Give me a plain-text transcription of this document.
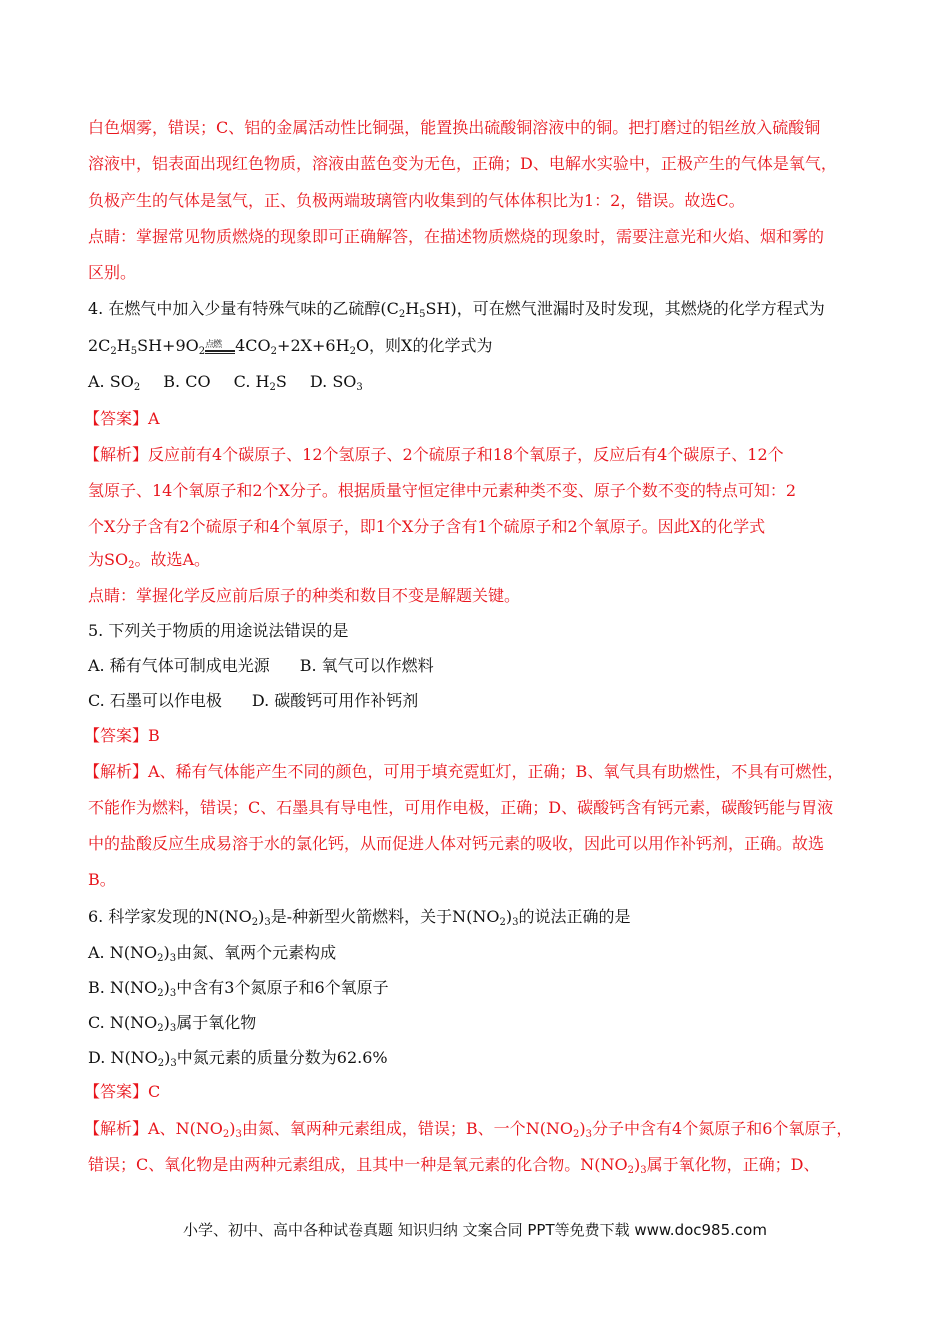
白色烟雾，错误；C、铝的金属活动性比铜强，能置换出硫酸铜溶液中的铜。把打磨过的铝丝放入硫酸铜
溶液中，铝表面出现红色物质，溶液由蓝色变为无色，正确；D、电解水实验中，正极产生的气体是氧气，
负极产生的气体是氢气，正、负极两端玻璃管内收集到的气体体积比为1：2，错误。故选C。
点睛：掌握常见物质燃烧的现象即可正确解答，在描述物质燃烧的现象时，需要注意光和火焰、烟和雾的
区别。
4. 在燃气中加入少量有特殊气味的乙硫醇$(C_2H_5SH)$，可在燃气泄漏时及时发现，其燃烧的化学方程式为
$2C_2H_5SH+9O_2$
点燃 $4CO_2+2X+6H_2O$，则X的化学式为
A. $SO_2$ B. CO C. $H_2S$ D. $SO_3$
【答案】A
【解析】反应前有4个碳原子、12个氢原子、2个硫原子和18个氧原子，反应后有4个碳原子、12个
氢原子、14个氧原子和2个X分子。根据质量守恒定律中元素种类不变、原子个数不变的特点可知：2
个X分子含有2个硫原子和4个氧原子，即1个X分子含有1个硫原子和2个氧原子。因此X的化学式
为$SO_2$。故选A。
点睛：掌握化学反应前后原子的种类和数目不变是解题关键。
5. 下列关于物质的用途说法错误的是
A. 稀有气体可制成电光源 B. 氧气可以作燃料
C. 石墨可以作电极 D. 碳酸钙可用作补钙剂
【答案】B
【解析】A、稀有气体能产生不同的颜色，可用于填充霓虹灯，正确；B、氧气具有助燃性，不具有可燃性，
不能作为燃料，错误；C、石墨具有导电性，可用作电极，正确；D、碳酸钙含有钙元素，碳酸钙能与胃液
中的盐酸反应生成易溶于水的氯化钙，从而促进人体对钙元素的吸收，因此可以用作补钙剂，正确。故选
B。
6. 科学家发现的$N(NO_2)_3$是-种新型火箭燃料，关于$N(NO_2)_3$的说法正确的是
A. $N(NO_2)_3$由氮、氧两个元素构成
B. $N(NO_2)_3$中含有3个氮原子和6个氧原子
C. $N(NO_2)_3$属于氧化物
D. $N(NO_2)_3$中氮元素的质量分数为62.6%
【答案】C
【解析】A、$N(NO_2)_3$由氮、氧两种元素组成，错误；B、一个$N(NO_2)_3$分子中含有4个氮原子和6个氧原子，
错误；C、氧化物是由两种元素组成，且其中一种是氧元素的化合物。$N(NO_2)_3$属于氧化物，正确；D、
小学、初中、高中各种试卷真题 知识归纳 文案合同 PPT等免费下载 www.doc985.com
